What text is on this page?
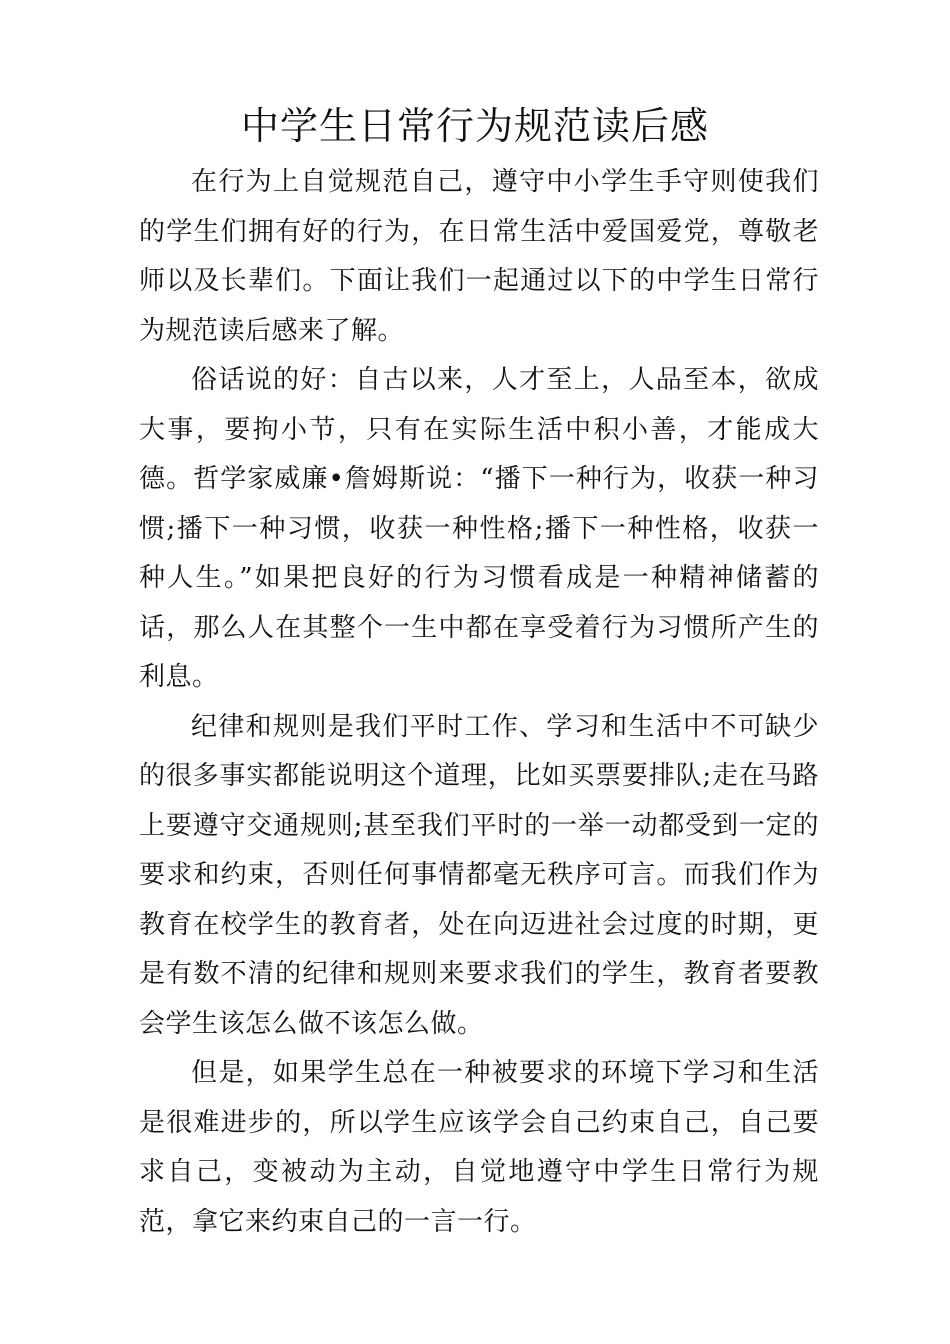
中学生日常行为规范读后感

在行为上自觉规范自己，遵守中小学生手守则使我们的学生们拥有好的行为，在日常生活中爱国爱党，尊敬老师以及长辈们。下面让我们一起通过以下的中学生日常行为规范读后感来了解。

俗话说的好：自古以来，人才至上，人品至本，欲成大事，要拘小节，只有在实际生活中积小善，才能成大德。哲学家威廉•詹姆斯说：“播下一种行为，收获一种习惯;播下一种习惯，收获一种性格;播下一种性格，收获一种人生。”如果把良好的行为习惯看成是一种精神储蓄的话，那么人在其整个一生中都在享受着行为习惯所产生的利息。

纪律和规则是我们平时工作、学习和生活中不可缺少的很多事实都能说明这个道理，比如买票要排队;走在马路上要遵守交通规则;甚至我们平时的一举一动都受到一定的要求和约束，否则任何事情都毫无秩序可言。而我们作为教育在校学生的教育者，处在向迈进社会过度的时期，更是有数不清的纪律和规则来要求我们的学生，教育者要教会学生该怎么做不该怎么做。

但是，如果学生总在一种被要求的环境下学习和生活是很难进步的，所以学生应该学会自己约束自己，自己要求自己，变被动为主动，自觉地遵守中学生日常行为规范，拿它来约束自己的一言一行。
